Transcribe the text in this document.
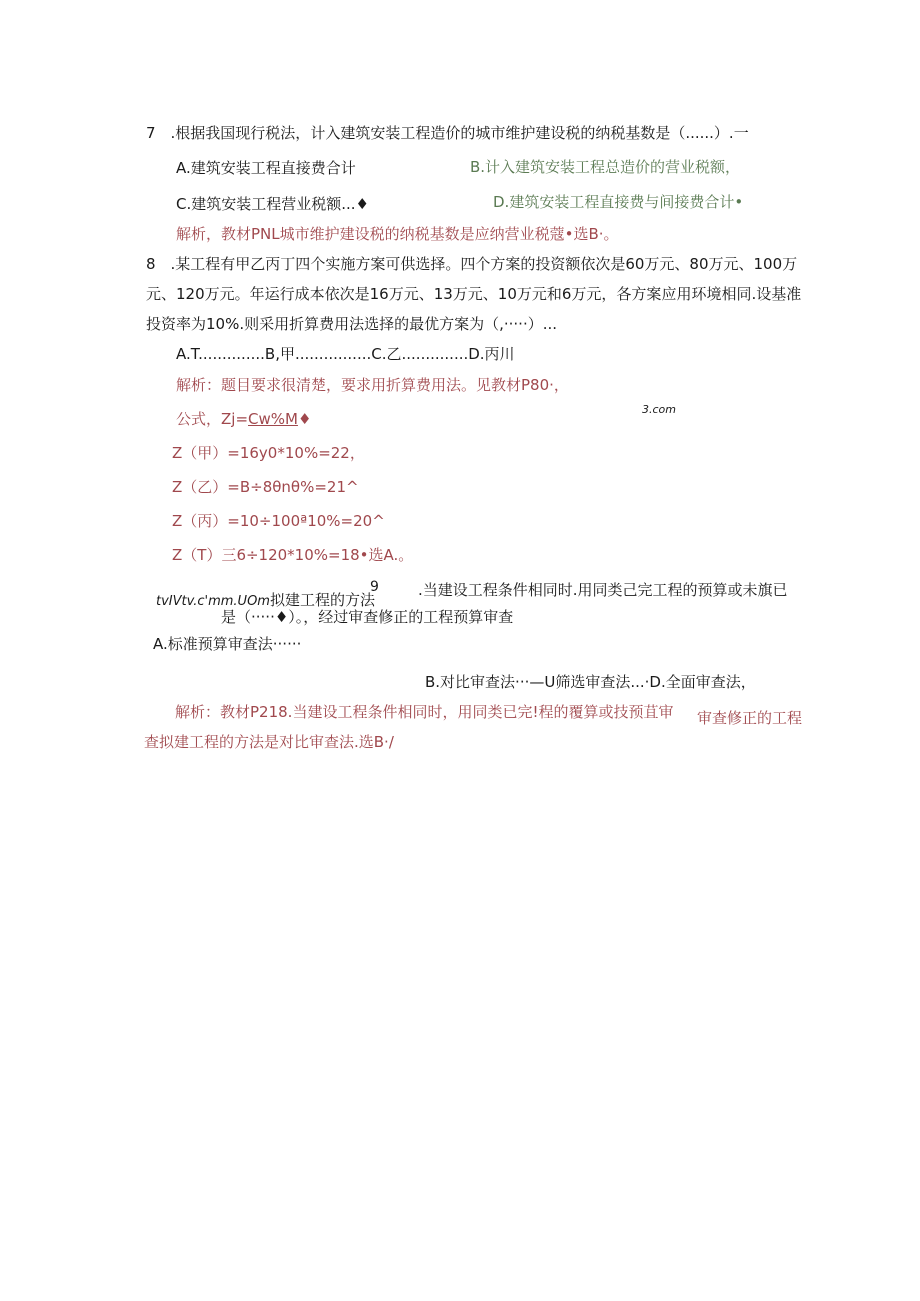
7　.根据我国现行税法，计入建筑安装工程造价的城市维护建设税的纳税基数是（......）.一
A.建筑安装工程直接费合计	B.计入建筑安装工程总造价的营业税额，
C.建筑安装工程营业税额...♦	D.建筑安装工程直接费与间接费合计•
解析，教材PNL城市维护建设税的纳税基数是应纳营业税蔻•选B·。
8　.某工程有甲乙丙丁四个实施方案可供选择。四个方案的投资额依次是60万元、80万元、100万
元、120万元。年运行成本依次是16万元、13万元、10万元和6万元，各方案应用环境相同.设基准
投资率为10%.则采用折算费用法选择的最优方案为（,·····）...
A.T..............B,甲................C.乙..............D.丙川
解析：题目要求很清楚，要求用折算费用法。见教材P80·，
公式，Zj=Cw%M♦
3.com
Z（甲）=16y0*10%=22，
Z（乙）=B÷8θnθ%=21^
Z（丙）=10÷100ª10%=20^
Z（T）三6÷120*10%=18•选A.。
tvIVtv.c'mm.UOm拟建工程的方法
9	.当建设工程条件相同时.用同类己完工程的预算或未旗已
是（·····♦）。，经过审查修正的工程预算审查
A.标准预算审查法······
B.对比审查法···—U筛选审查法...·D.全面审查法，
解析：教材P218.当建设工程条件相同时，用同类已完!程的覆算或技预苴审 审查修正的工程
查拟建工程的方法是对比审查法.选B·/
